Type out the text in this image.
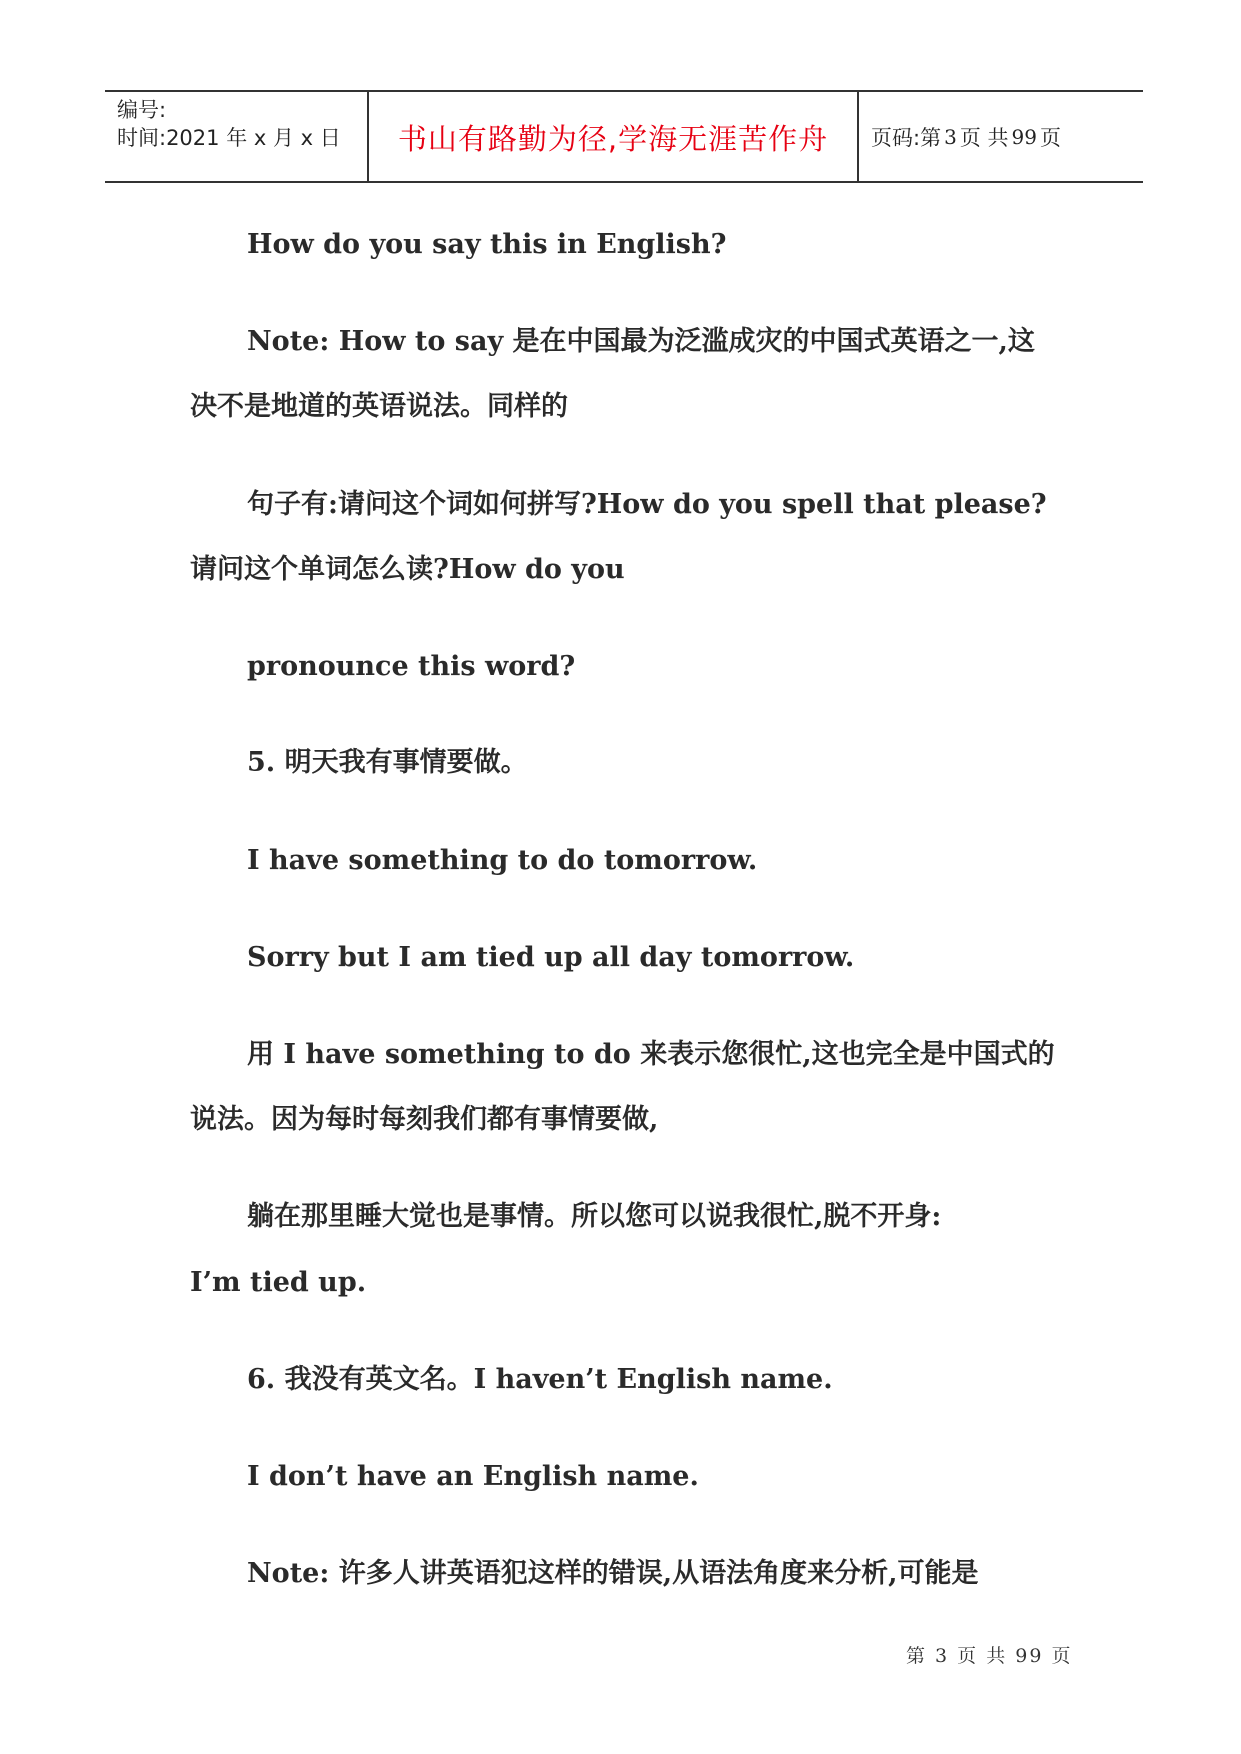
编号:
时间:2021 年 x 月 x 日 书山有路勤为径,学海无涯苦作舟 页码:第 3 页 共 99 页
How do you say this in English?
Note: How to say 是在中国最为泛滥成灾的中国式英语之一,这
决不是地道的英语说法。同样的
句子有:请问这个词如何拼写?How do you spell that please?
请问这个单词怎么读?How do you
pronounce this word?
5. 明天我有事情要做。
I have something to do tomorrow.
Sorry but I am tied up all day tomorrow.
用 I have something to do 来表示您很忙,这也完全是中国式的
说法。因为每时每刻我们都有事情要做,
躺在那里睡大觉也是事情。所以您可以说我很忙,脱不开身:
I’m tied up.
6. 我没有英文名。I haven’t English name.
I don’t have an English name.
Note: 许多人讲英语犯这样的错误,从语法角度来分析,可能是
第 3 页 共 99 页
